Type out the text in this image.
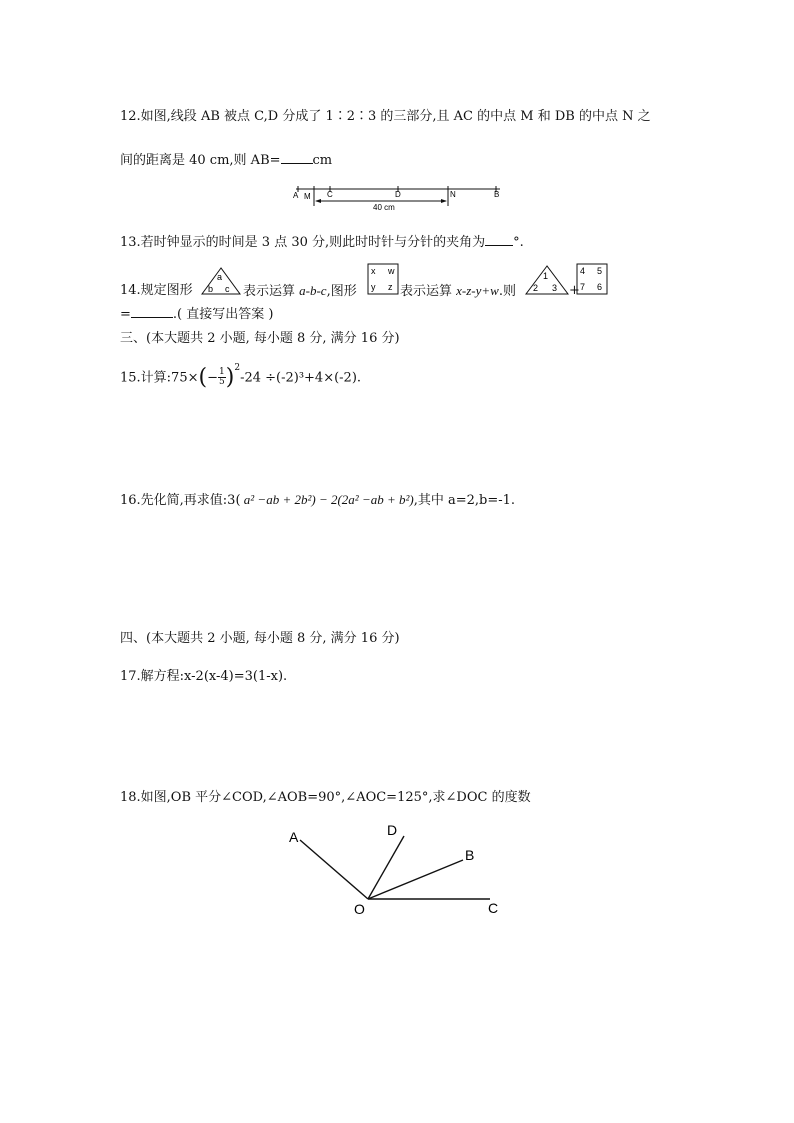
12.如图,线段 AB 被点 C,D 分成了 1∶2∶3 的三部分,且 AC 的中点 M 和 DB 的中点 N 之
间的距离是 40 cm,则 AB= cm
A M C	D	N	B
40 cm
13.若时钟显示的时间是 3 点 30 分,则此时时针与分针的夹角为 °.
14.规定图形
a
b c 表示运算 a-b-c,图形
x w
y z 表示运算 x-z-y+w.则
1
2 3 +
4 5
7 6
=	.( 直接写出答案 )
三、(本大题共 2 小题, 每小题 8 分, 满分 16 分)
15.计算:75×(− $\frac{1}{5} )^2-24 \div(-2)^3+4\times(-2)$.
16.先化简,再求值:3( a² −ab + 2b²) − 2(2a² −ab + b²),其中 a=2,b=-1.
四、(本大题共 2 小题, 每小题 8 分, 满分 16 分)
17.解方程:x-2(x-4)=3(1-x).
18.如图,OB 平分∠COD,∠AOB=90°,∠AOC=125°,求∠DOC 的度数
A	D
B
O	C
